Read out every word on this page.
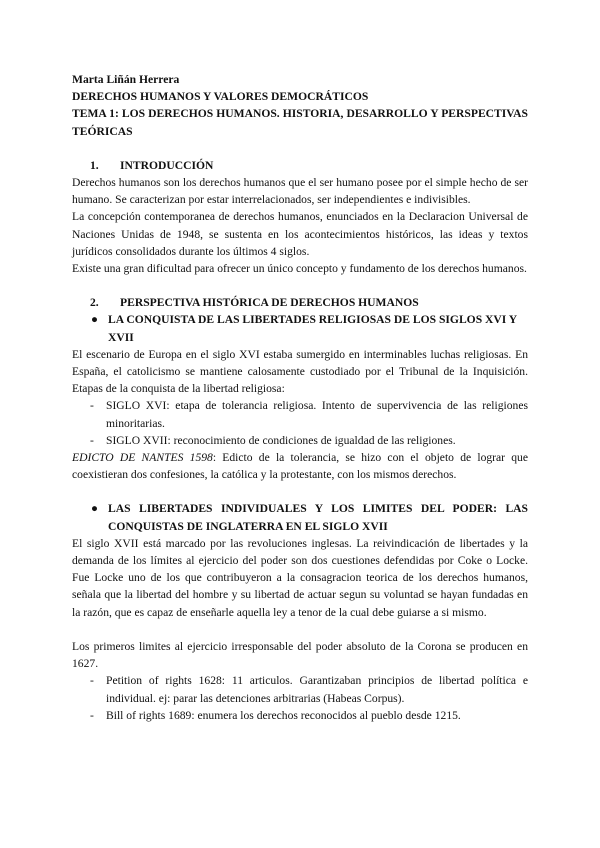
Marta Liñán Herrera

DERECHOS HUMANOS Y VALORES DEMOCRÁTICOS

TEMA 1: LOS DERECHOS HUMANOS. HISTORIA, DESARROLLO Y PERSPECTIVAS TEÓRICAS

1.	INTRODUCCIÓN

Derechos humanos son los derechos humanos que el ser humano posee por el simple hecho de ser humano. Se caracterizan por estar interrelacionados, ser independientes e indivisibles.

La concepción contemporanea de derechos humanos, enunciados en la Declaracion Universal de Naciones Unidas de 1948, se sustenta en los acontecimientos históricos, las ideas y textos jurídicos consolidados durante los últimos 4 siglos.

Existe una gran dificultad para ofrecer un único concepto y fundamento de los derechos humanos.

2.	PERSPECTIVA HISTÓRICA DE DERECHOS HUMANOS
● LA CONQUISTA DE LAS LIBERTADES RELIGIOSAS DE LOS SIGLOS XVI Y XVII

El escenario de Europa en el siglo XVI estaba sumergido en interminables luchas religiosas. En España, el catolicismo se mantiene calosamente custodiado por el Tribunal de la Inquisición. Etapas de la conquista de la libertad religiosa:

-	SIGLO XVI: etapa de tolerancia religiosa. Intento de supervivencia de las religiones minoritarias.
-	SIGLO XVII: reconocimiento de condiciones de igualdad de las religiones.

EDICTO DE NANTES 1598: Edicto de la tolerancia, se hizo con el objeto de lograr que coexistieran dos confesiones, la católica y la protestante, con los mismos derechos.

● LAS LIBERTADES INDIVIDUALES Y LOS LIMITES DEL PODER: LAS CONQUISTAS DE INGLATERRA EN EL SIGLO XVII

El siglo XVII está marcado por las revoluciones inglesas. La reivindicación de libertades y la demanda de los límites al ejercicio del poder son dos cuestiones defendidas por Coke o Locke. Fue Locke uno de los que contribuyeron a la consagracion teorica de los derechos humanos, señala que la libertad del hombre y su libertad de actuar segun su voluntad se hayan fundadas en la razón, que es capaz de enseñarle aquella ley a tenor de la cual debe guiarse a si mismo.

Los primeros limites al ejercicio irresponsable del poder absoluto de la Corona se producen en 1627.

-	Petition of rights 1628: 11 articulos. Garantizaban principios de libertad política e individual. ej: parar las detenciones arbitrarias (Habeas Corpus).
-	Bill of rights 1689: enumera los derechos reconocidos al pueblo desde 1215.
